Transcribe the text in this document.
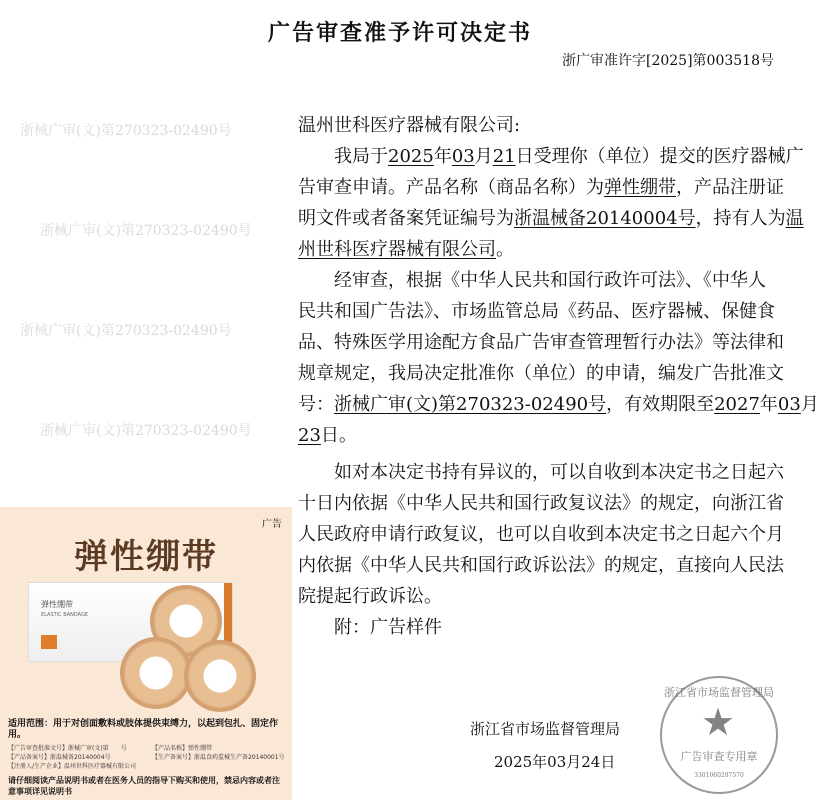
浙械广审(文)第270323-02490号
浙械广审(文)第270323-02490号
浙械广审(文)第270323-02490号
浙械广审(文)第270323-02490号
广告审查准予许可决定书
浙广审准许字[2025]第003518号
温州世科医疗器械有限公司:
　　我局于2025年03月21日受理你（单位）提交的医疗器械广
告审查申请。产品名称（商品名称）为弹性绷带，产品注册证
明文件或者备案凭证编号为浙温械备20140004号，持有人为温
州世科医疗器械有限公司。
　　经审查，根据《中华人民共和国行政许可法》、《中华人
民共和国广告法》、市场监管总局《药品、医疗器械、保健食
品、特殊医学用途配方食品广告审查管理暂行办法》等法律和
规章规定，我局决定批准你（单位）的申请，编发广告批准文
号：浙械广审(文)第270323-02490号，有效期限至2027年03月
23日。
　　如对本决定书持有异议的，可以自收到本决定书之日起六
十日内依据《中华人民共和国行政复议法》的规定，向浙江省
人民政府申请行政复议，也可以自收到本决定书之日起六个月
内依据《中华人民共和国行政诉讼法》的规定，直接向人民法
院提起行政诉讼。
　　附：广告样件
广告
弹性绷带
弹性绷带
ELASTIC BANDAGE
适用范围：用于对创面敷料或肢体提供束缚力，以起到包扎、固定作用。
【广告审查批准文号】浙械广审(文)第　　号	【产品名称】弹性绷带
【产品备案号】浙温械备20140004号	【生产备案号】浙温食药监械生产备20140001号
【注册人/生产企业】温州世科医疗器械有限公司
请仔细阅读产品说明书或者在医务人员的指导下购买和使用，禁忌内容或者注意事项详见说明书
浙江省市场监督管理局
2025年03月24日
浙江省市场监督管理局
★
广告审查专用章
3301060287570
